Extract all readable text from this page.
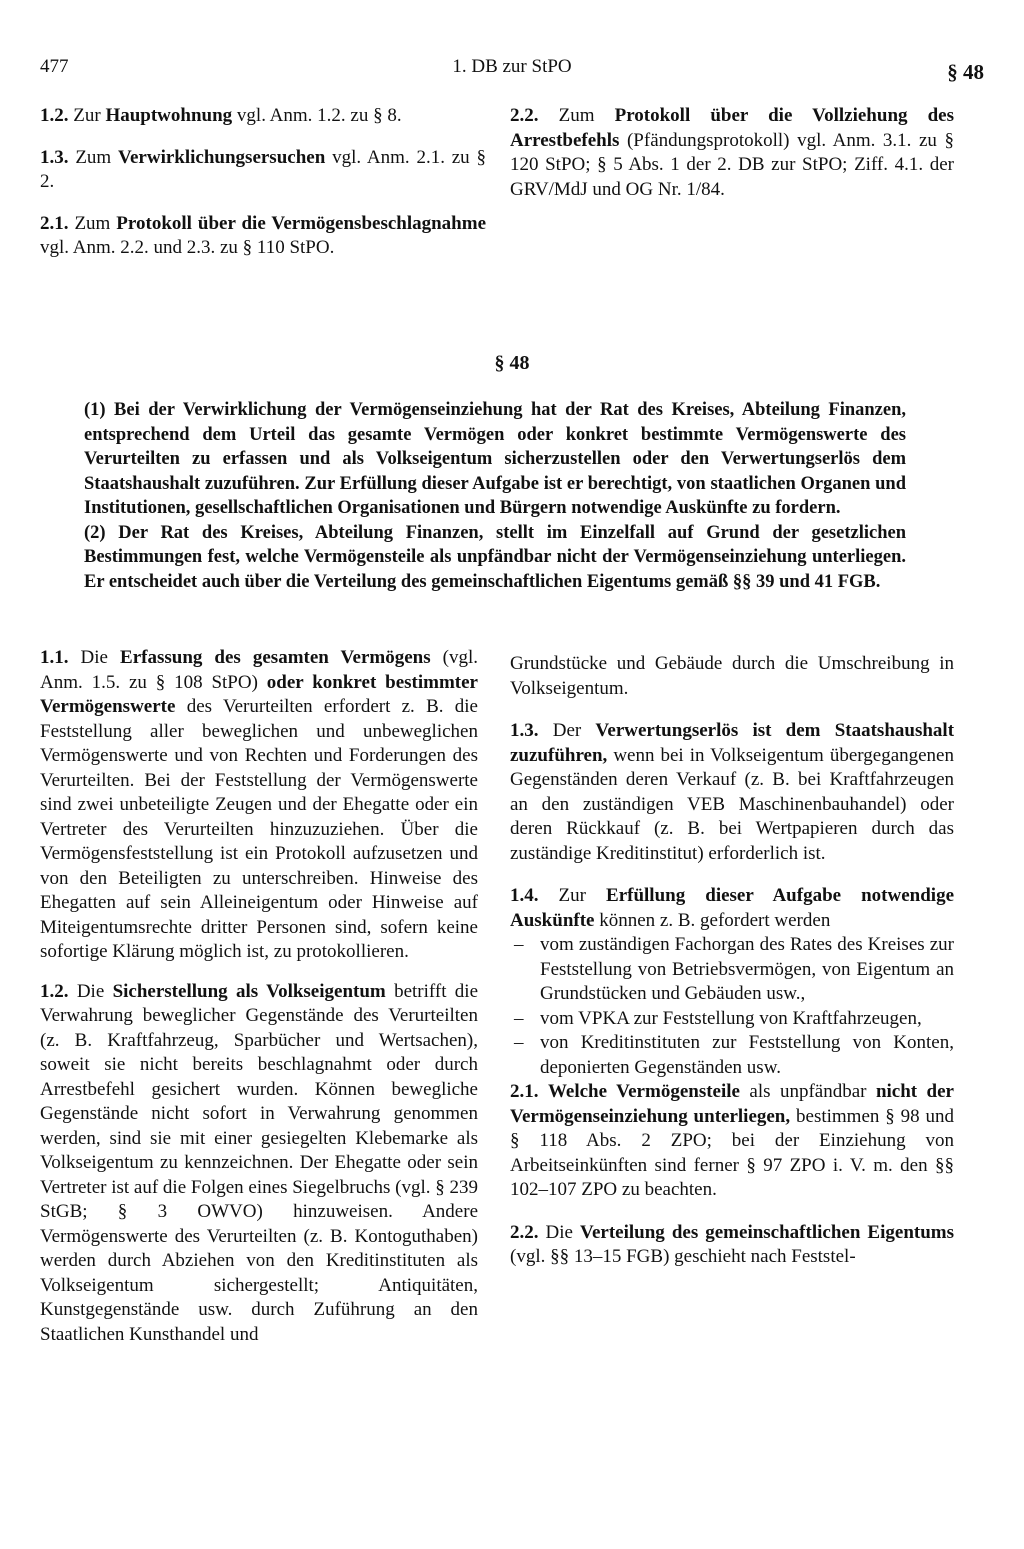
477	1. DB zur StPO	§ 48

1.2. Zur Hauptwohnung vgl. Anm. 1.2. zu § 8.

1.3. Zum Verwirklichungsersuchen vgl. Anm. 2.1. zu § 2.

2.1. Zum Protokoll über die Vermögensbeschlagnahme vgl. Anm. 2.2. und 2.3. zu § 110 StPO.

2.2. Zum Protokoll über die Vollziehung des Arrestbefehls (Pfändungsprotokoll) vgl. Anm. 3.1. zu § 120 StPO; § 5 Abs. 1 der 2. DB zur StPO; Ziff. 4.1. der GRV/MdJ und OG Nr. 1/84.

§ 48

(1) Bei der Verwirklichung der Vermögenseinziehung hat der Rat des Kreises, Abteilung Finanzen, entsprechend dem Urteil das gesamte Vermögen oder konkret bestimmte Vermögenswerte des Verurteilten zu erfassen und als Volkseigentum sicherzustellen oder den Verwertungserlös dem Staatshaushalt zuzuführen. Zur Erfüllung dieser Aufgabe ist er berechtigt, von staatlichen Organen und Institutionen, gesellschaftlichen Organisationen und Bürgern notwendige Auskünfte zu fordern.

(2) Der Rat des Kreises, Abteilung Finanzen, stellt im Einzelfall auf Grund der gesetzlichen Bestimmungen fest, welche Vermögensteile als unpfändbar nicht der Vermögenseinziehung unterliegen. Er entscheidet auch über die Verteilung des gemeinschaftlichen Eigentums gemäß §§ 39 und 41 FGB.

1.1. Die Erfassung des gesamten Vermögens (vgl. Anm. 1.5. zu § 108 StPO) oder konkret bestimmter Vermögenswerte des Verurteilten erfordert z. B. die Feststellung aller beweglichen und unbeweglichen Vermögenswerte und von Rechten und Forderungen des Verurteilten. Bei der Feststellung der Vermögenswerte sind zwei unbeteiligte Zeugen und der Ehegatte oder ein Vertreter des Verurteilten hinzuzuziehen. Über die Vermögensfeststellung ist ein Protokoll aufzusetzen und von den Beteiligten zu unterschreiben. Hinweise des Ehegatten auf sein Alleineigentum oder Hinweise auf Miteigentumsrechte dritter Personen sind, sofern keine sofortige Klärung möglich ist, zu protokollieren.

1.2. Die Sicherstellung als Volkseigentum betrifft die Verwahrung beweglicher Gegenstände des Verurteilten (z. B. Kraftfahrzeug, Sparbücher und Wertsachen), soweit sie nicht bereits beschlagnahmt oder durch Arrestbefehl gesichert wurden. Können bewegliche Gegenstände nicht sofort in Verwahrung genommen werden, sind sie mit einer gesiegelten Klebemarke als Volkseigentum zu kennzeichnen. Der Ehegatte oder sein Vertreter ist auf die Folgen eines Siegelbruchs (vgl. § 239 StGB; § 3 OWVO) hinzuweisen. Andere Vermögenswerte des Verurteilten (z. B. Kontoguthaben) werden durch Abziehen von den Kreditinstituten als Volkseigentum sichergestellt; Antiquitäten, Kunstgegenstände usw. durch Zuführung an den Staatlichen Kunsthandel und

Grundstücke und Gebäude durch die Umschreibung in Volkseigentum.

1.3. Der Verwertungserlös ist dem Staatshaushalt zuzuführen, wenn bei in Volkseigentum übergegangenen Gegenständen deren Verkauf (z. B. bei Kraftfahrzeugen an den zuständigen VEB Maschinenbauhandel) oder deren Rückkauf (z. B. bei Wertpapieren durch das zuständige Kreditinstitut) erforderlich ist.

1.4. Zur Erfüllung dieser Aufgabe notwendige Auskünfte können z. B. gefordert werden

– vom zuständigen Fachorgan des Rates des Kreises zur Feststellung von Betriebsvermögen, von Eigentum an Grundstücken und Gebäuden usw.,
– vom VPKA zur Feststellung von Kraftfahrzeugen,
– von Kreditinstituten zur Feststellung von Konten, deponierten Gegenständen usw.

2.1. Welche Vermögensteile als unpfändbar nicht der Vermögenseinziehung unterliegen, bestimmen § 98 und § 118 Abs. 2 ZPO; bei der Einziehung von Arbeitseinkünften sind ferner § 97 ZPO i. V. m. den §§ 102–107 ZPO zu beachten.

2.2. Die Verteilung des gemeinschaftlichen Eigentums (vgl. §§ 13–15 FGB) geschieht nach Feststel-
